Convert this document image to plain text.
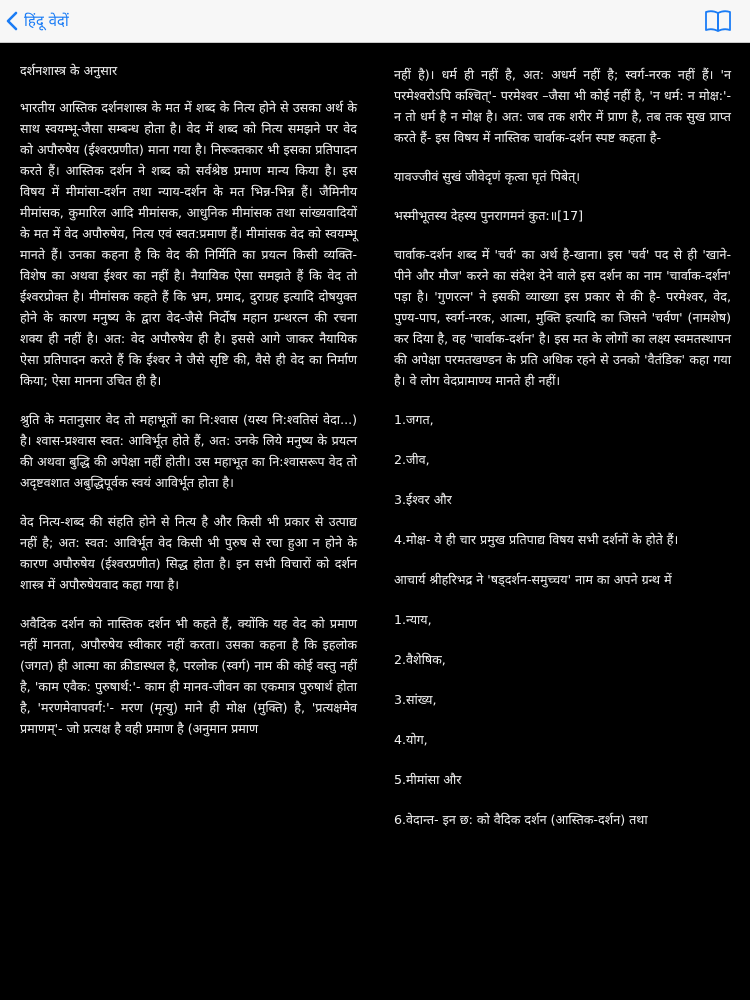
हिंदू वेदों

दर्शनशास्त्र के अनुसार

भारतीय आस्तिक दर्शनशास्त्र के मत में शब्द के नित्य होने से उसका अर्थ के साथ स्वयम्भू-जैसा सम्बन्ध होता है। वेद में शब्द को नित्य समझने पर वेद को अपौरुषेय (ईश्वरप्रणीत) माना गया है। निरूक्तकार भी इसका प्रतिपादन करते हैं। आस्तिक दर्शन ने शब्द को सर्वश्रेष्ठ प्रमाण मान्य किया है। इस विषय में मीमांसा-दर्शन तथा न्याय-दर्शन के मत भिन्न-भिन्न हैं। जैमिनीय मीमांसक, कुमारिल आदि मीमांसक, आधुनिक मीमांसक तथा सांख्यवादियों के मत में वेद अपौरुषेय, नित्य एवं स्वत:प्रमाण हैं। मीमांसक वेद को स्वयम्भू मानते हैं। उनका कहना है कि वेद की निर्मिति का प्रयत्न किसी व्यक्ति-विशेष का अथवा ईश्वर का नहीं है। नैयायिक ऐसा समझते हैं कि वेद तो ईश्वरप्रोक्त है। मीमांसक कहते हैं कि भ्रम, प्रमाद, दुराग्रह इत्यादि दोषयुक्त होने के कारण मनुष्य के द्वारा वेद-जैसे निर्दोष महान ग्रन्थरत्न की रचना शक्य ही नहीं है। अत: वेद अपौरुषेय ही है। इससे आगे जाकर नैयायिक ऐसा प्रतिपादन करते हैं कि ईश्वर ने जैसे सृष्टि की, वैसे ही वेद का निर्माण किया; ऐसा मानना उचित ही है।

श्रुति के मतानुसार वेद तो महाभूतों का नि:श्वास (यस्य नि:श्वतिसं वेदा...) है। श्वास-प्रश्वास स्वत: आविर्भूत होते हैं, अत: उनके लिये मनुष्य के प्रयत्न की अथवा बुद्धि की अपेक्षा नहीं होती। उस महाभूत का नि:श्वासरूप वेद तो अदृष्टवशात अबुद्धिपूर्वक स्वयं आविर्भूत होता है।

वेद नित्य-शब्द की संहति होने से नित्य है और किसी भी प्रकार से उत्पाद्य नहीं है; अत: स्वत: आविर्भूत वेद किसी भी पुरुष से रचा हुआ न होने के कारण अपौरुषेय (ईश्वरप्रणीत) सिद्ध होता है। इन सभी विचारों को दर्शन शास्त्र में अपौरुषेयवाद कहा गया है।

अवैदिक दर्शन को नास्तिक दर्शन भी कहते हैं, क्योंकि यह वेद को प्रमाण नहीं मानता, अपौरुषेय स्वीकार नहीं करता। उसका कहना है कि इहलोक (जगत) ही आत्मा का क्रीडास्थल है, परलोक (स्वर्ग) नाम की कोई वस्तु नहीं है, 'काम एवैक: पुरुषार्थ:'- काम ही मानव-जीवन का एकमात्र पुरुषार्थ होता है, 'मरणमेवापवर्ग:'- मरण (मृत्यु) माने ही मोक्ष (मुक्ति) है, 'प्रत्यक्षमेव प्रमाणम्'- जो प्रत्यक्ष है वही प्रमाण है (अनुमान प्रमाण

नहीं है)। धर्म ही नहीं है, अत: अधर्म नहीं है; स्वर्ग-नरक नहीं हैं। 'न परमेश्वरोऽपि कश्चित्'- परमेश्वर –जैसा भी कोई नहीं है, 'न धर्म: न मोक्ष:'- न तो धर्म है न मोक्ष है। अत: जब तक शरीर में प्राण है, तब तक सुख प्राप्त करते हैं- इस विषय में नास्तिक चार्वाक-दर्शन स्पष्ट कहता है-

यावज्जीवं सुखं जीवेदृणं कृत्वा घृतं पिबेत्।

भस्मीभूतस्य देहस्य पुनरागमनं कुत:॥[17]

चार्वाक-दर्शन शब्द में 'चर्व' का अर्थ है-खाना। इस 'चर्व' पद से ही 'खाने-पीने और मौज' करने का संदेश देने वाले इस दर्शन का नाम 'चार्वाक-दर्शन' पड़ा है। 'गुणरत्न' ने इसकी व्याख्या इस प्रकार से की है- परमेश्वर, वेद, पुण्य-पाप, स्वर्ग-नरक, आत्मा, मुक्ति इत्यादि का जिसने 'चर्वण' (नामशेष) कर दिया है, वह 'चार्वाक-दर्शन' है। इस मत के लोगों का लक्ष्य स्वमतस्थापन की अपेक्षा परमतखण्डन के प्रति अधिक रहने से उनको 'वैतंडिक' कहा गया है। वे लोग वेदप्रामाण्य मानते ही नहीं।

1.जगत,

2.जीव,

3.ईश्वर और

4.मोक्ष- ये ही चार प्रमुख प्रतिपाद्य विषय सभी दर्शनों के होते हैं।

आचार्य श्रीहरिभद्र ने 'षड्दर्शन-समुच्चय' नाम का अपने ग्रन्थ में

1.न्याय,

2.वैशेषिक,

3.सांख्य,

4.योग,

5.मीमांसा और

6.वेदान्त- इन छ: को वैदिक दर्शन (आस्तिक-दर्शन) तथा
